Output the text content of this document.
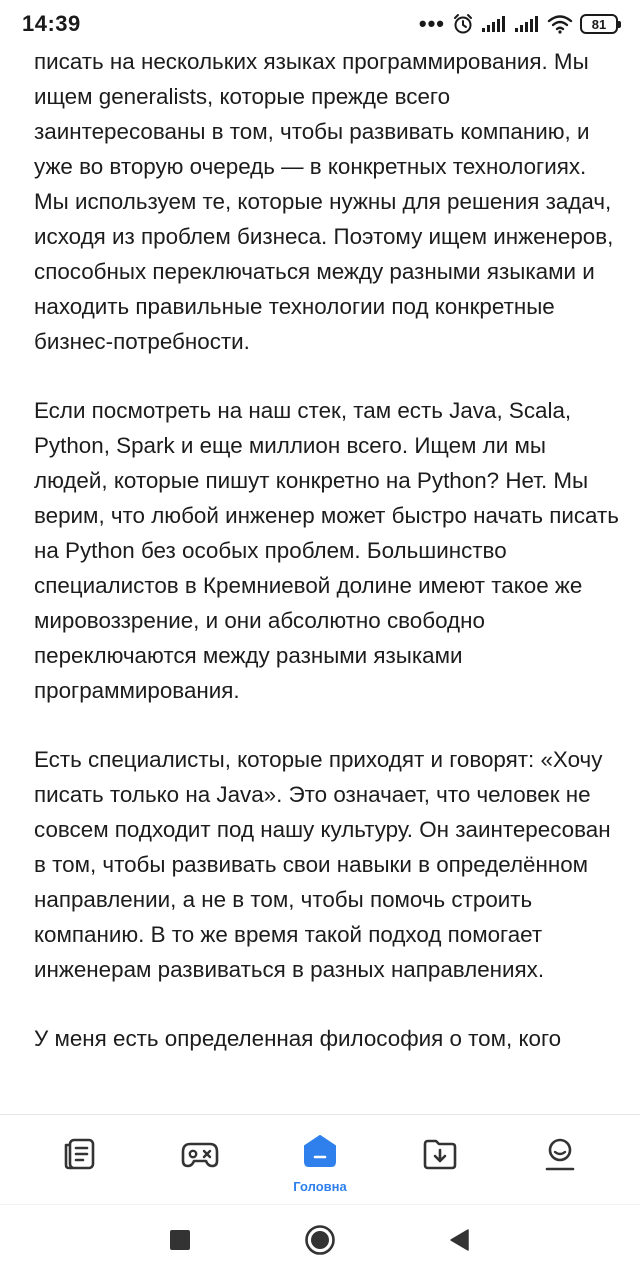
14:39	•••	81

писать на нескольких языках программирования. Мы ищем generalists, которые прежде всего заинтересованы в том, чтобы развивать компанию, и уже во вторую очередь — в конкретных технологиях. Мы используем те, которые нужны для решения задач, исходя из проблем бизнеса. Поэтому ищем инженеров, способных переключаться между разными языками и находить правильные технологии под конкретные бизнес-потребности.

Если посмотреть на наш стек, там есть Java, Scala, Python, Spark и еще миллион всего. Ищем ли мы людей, которые пишут конкретно на Python? Нет. Мы верим, что любой инженер может быстро начать писать на Python без особых проблем. Большинство специалистов в Кремниевой долине имеют такое же мировоззрение, и они абсолютно свободно переключаются между разными языками программирования.

Есть специалисты, которые приходят и говорят: «Хочу писать только на Java». Это означает, что человек не совсем подходит под нашу культуру. Он заинтересован в том, чтобы развивать свои навыки в определённом направлении, а не в том, чтобы помочь строить компанию. В то же время такой подход помогает инженерам развиваться в разных направлениях.

У меня есть определенная философия о том, кого

Головна
